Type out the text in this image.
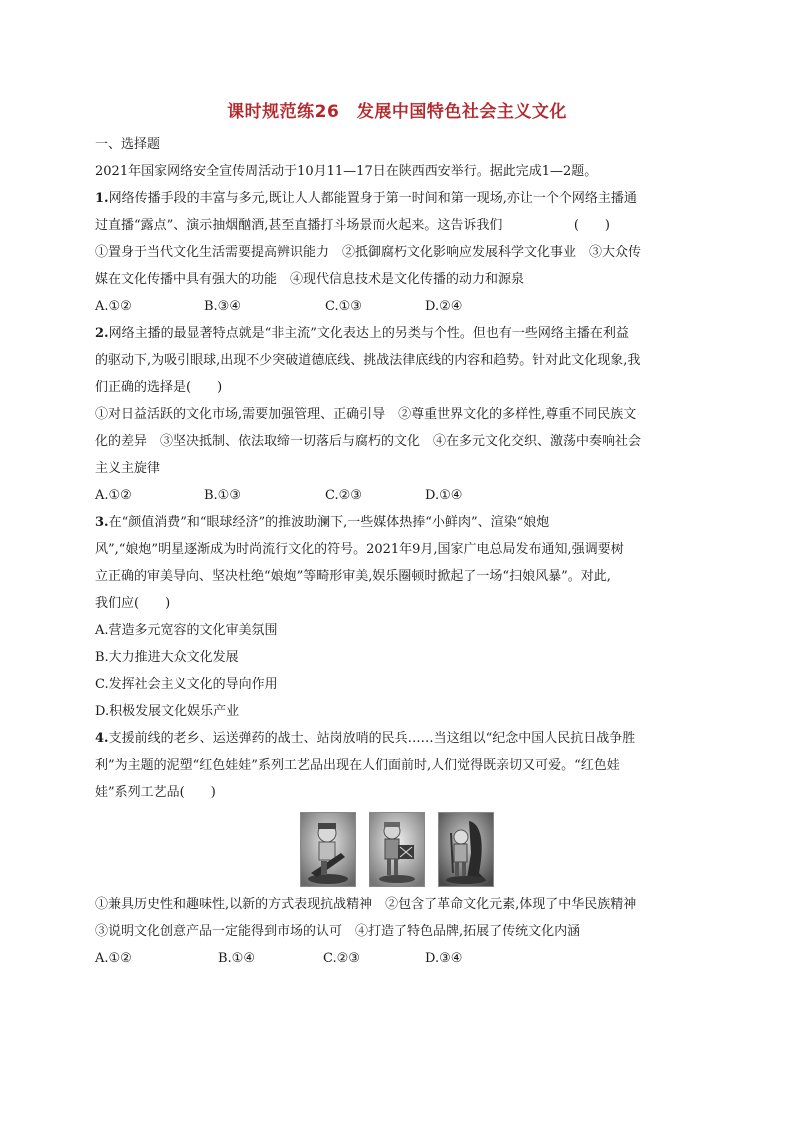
课时规范练26　发展中国特色社会主义文化
一、选择题
2021年国家网络安全宣传周活动于10月11—17日在陕西西安举行。据此完成1—2题。
1.网络传播手段的丰富与多元,既让人人都能置身于第一时间和第一现场,亦让一个个网络主播通
过直播“露点”、演示抽烟酗酒,甚至直播打斗场景而火起来。这告诉我们	(　　)
①置身于当代文化生活需要提高辨识能力　②抵御腐朽文化影响应发展科学文化事业　③大众传
媒在文化传播中具有强大的功能　④现代信息技术是文化传播的动力和源泉
A.①②	B.③④	C.①③	D.②④
2.网络主播的最显著特点就是“非主流”文化表达上的另类与个性。但也有一些网络主播在利益
的驱动下,为吸引眼球,出现不少突破道德底线、挑战法律底线的内容和趋势。针对此文化现象,我
们正确的选择是(　　)
①对日益活跃的文化市场,需要加强管理、正确引导　②尊重世界文化的多样性,尊重不同民族文
化的差异　③坚决抵制、依法取缔一切落后与腐朽的文化　④在多元文化交织、激荡中奏响社会
主义主旋律
A.①②	B.①③	C.②③	D.①④
3.在“颜值消费”和“眼球经济”的推波助澜下,一些媒体热捧“小鲜肉”、渲染“娘炮
风”,“娘炮”明星逐渐成为时尚流行文化的符号。2021年9月,国家广电总局发布通知,强调要树
立正确的审美导向、坚决杜绝“娘炮”等畸形审美,娱乐圈顿时掀起了一场“扫娘风暴”。对此,
我们应(　　)
A.营造多元宽容的文化审美氛围
B.大力推进大众文化发展
C.发挥社会主义文化的导向作用
D.积极发展文化娱乐产业
4.支援前线的老乡、运送弹药的战士、站岗放哨的民兵……当这组以“纪念中国人民抗日战争胜
利”为主题的泥塑“红色娃娃”系列工艺品出现在人们面前时,人们觉得既亲切又可爱。“红色娃
娃”系列工艺品(　　)
①兼具历史性和趣味性,以新的方式表现抗战精神　②包含了革命文化元素,体现了中华民族精神
③说明文化创意产品一定能得到市场的认可　④打造了特色品牌,拓展了传统文化内涵
A.①②	B.①④	C.②③	D.③④
